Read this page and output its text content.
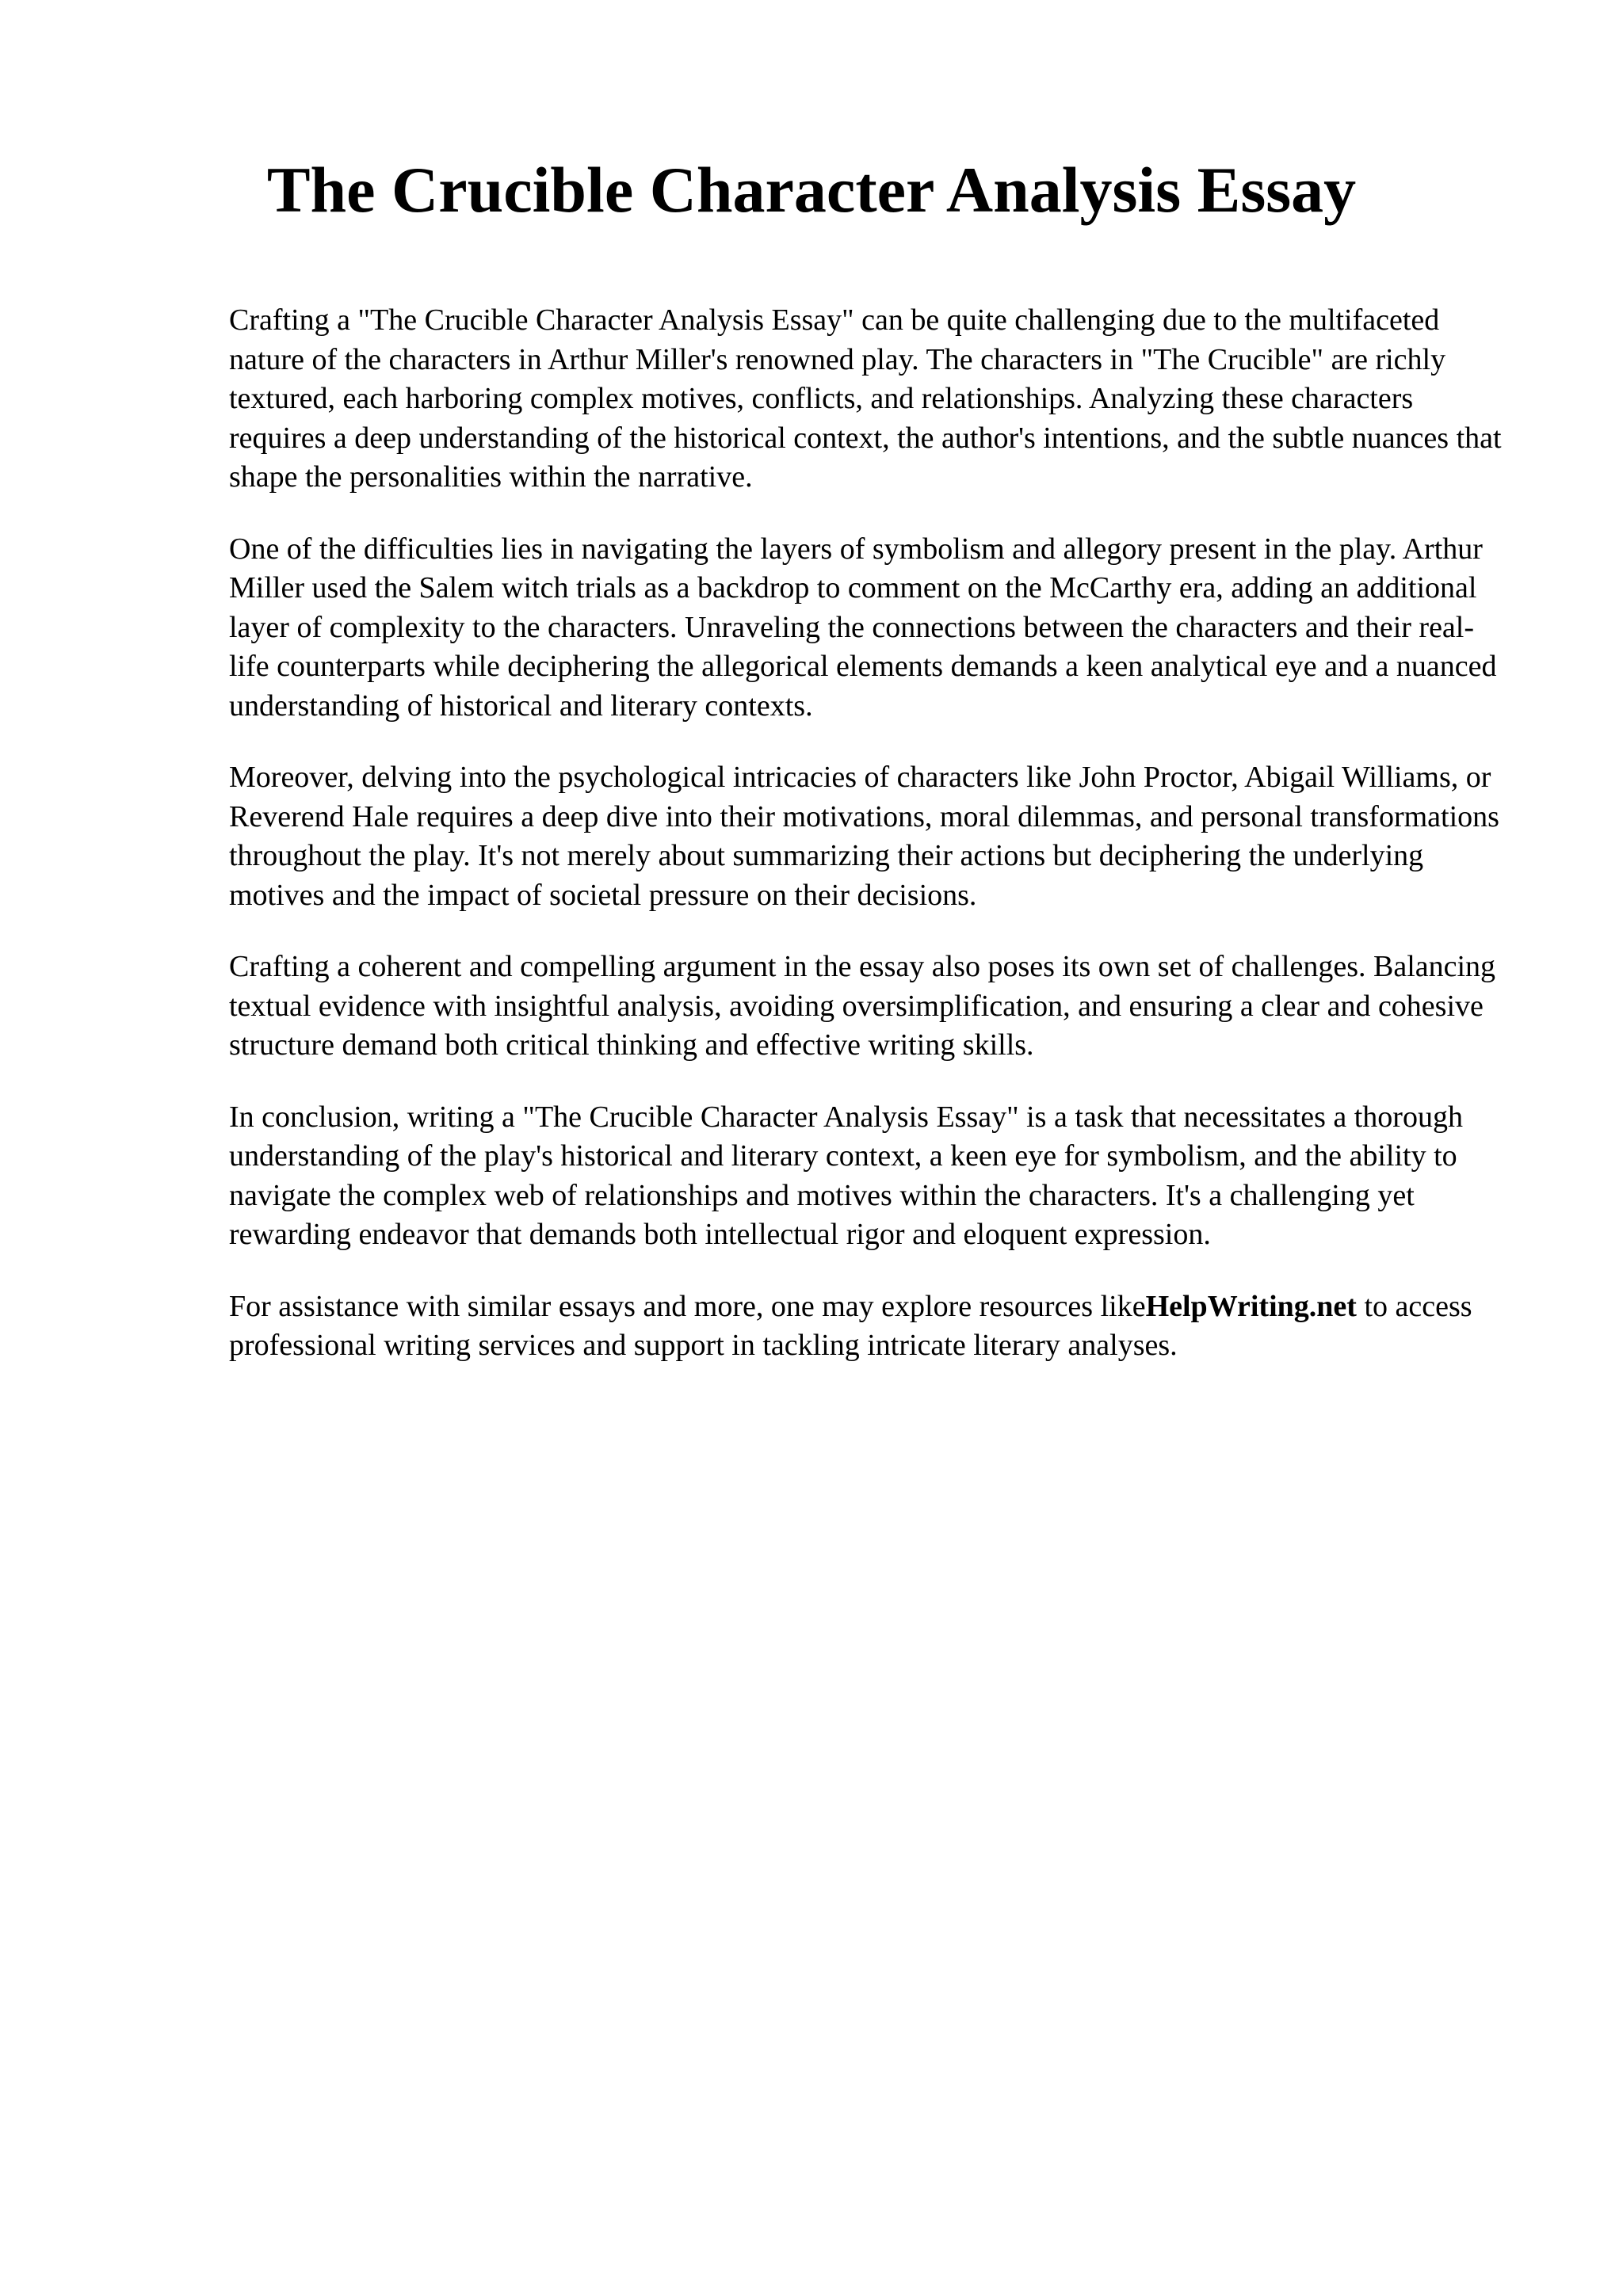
The Crucible Character Analysis Essay

Crafting a "The Crucible Character Analysis Essay" can be quite challenging due to the multifaceted nature of the characters in Arthur Miller's renowned play. The characters in "The Crucible" are richly textured, each harboring complex motives, conflicts, and relationships. Analyzing these characters requires a deep understanding of the historical context, the author's intentions, and the subtle nuances that shape the personalities within the narrative.

One of the difficulties lies in navigating the layers of symbolism and allegory present in the play. Arthur Miller used the Salem witch trials as a backdrop to comment on the McCarthy era, adding an additional layer of complexity to the characters. Unraveling the connections between the characters and their real-life counterparts while deciphering the allegorical elements demands a keen analytical eye and a nuanced understanding of historical and literary contexts.

Moreover, delving into the psychological intricacies of characters like John Proctor, Abigail Williams, or Reverend Hale requires a deep dive into their motivations, moral dilemmas, and personal transformations throughout the play. It's not merely about summarizing their actions but deciphering the underlying motives and the impact of societal pressure on their decisions.

Crafting a coherent and compelling argument in the essay also poses its own set of challenges. Balancing textual evidence with insightful analysis, avoiding oversimplification, and ensuring a clear and cohesive structure demand both critical thinking and effective writing skills.

In conclusion, writing a "The Crucible Character Analysis Essay" is a task that necessitates a thorough understanding of the play's historical and literary context, a keen eye for symbolism, and the ability to navigate the complex web of relationships and motives within the characters. It's a challenging yet rewarding endeavor that demands both intellectual rigor and eloquent expression.

For assistance with similar essays and more, one may explore resources likeHelpWriting.net to access professional writing services and support in tackling intricate literary analyses.
